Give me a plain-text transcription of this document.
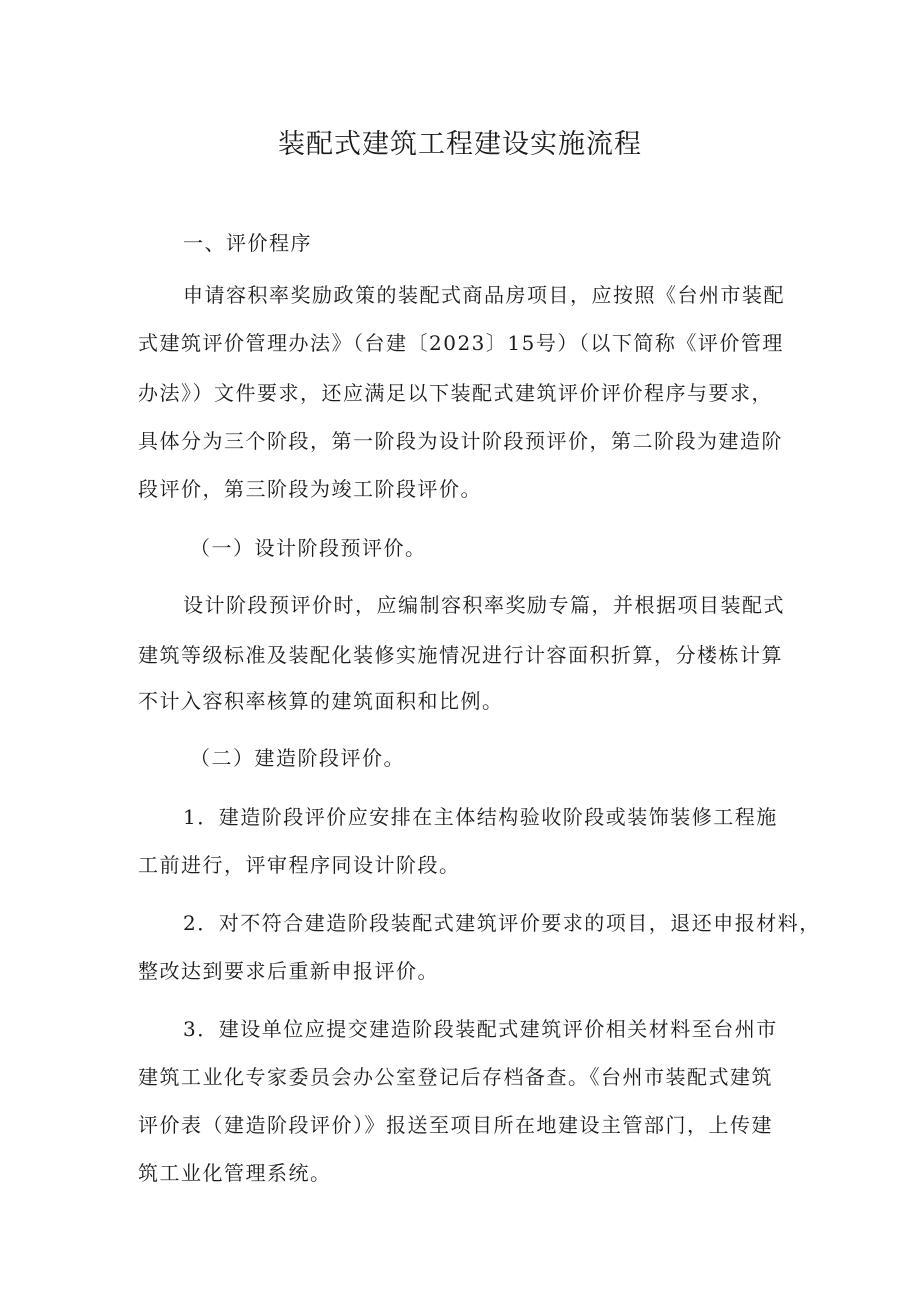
装配式建筑工程建设实施流程

一、评价程序

申请容积率奖励政策的装配式商品房项目，应按照《台州市装配

式建筑评价管理办法》（台建〔2023〕15号）（以下简称《评价管理

办法》）文件要求，还应满足以下装配式建筑评价评价程序与要求，

具体分为三个阶段，第一阶段为设计阶段预评价，第二阶段为建造阶

段评价，第三阶段为竣工阶段评价。

（一）设计阶段预评价。

设计阶段预评价时，应编制容积率奖励专篇，并根据项目装配式

建筑等级标准及装配化装修实施情况进行计容面积折算，分楼栋计算

不计入容积率核算的建筑面积和比例。

（二）建造阶段评价。

1．建造阶段评价应安排在主体结构验收阶段或装饰装修工程施

工前进行，评审程序同设计阶段。

2．对不符合建造阶段装配式建筑评价要求的项目，退还申报材料，

整改达到要求后重新申报评价。

3．建设单位应提交建造阶段装配式建筑评价相关材料至台州市

建筑工业化专家委员会办公室登记后存档备查。《台州市装配式建筑

评价表（建造阶段评价）》报送至项目所在地建设主管部门，上传建

筑工业化管理系统。
